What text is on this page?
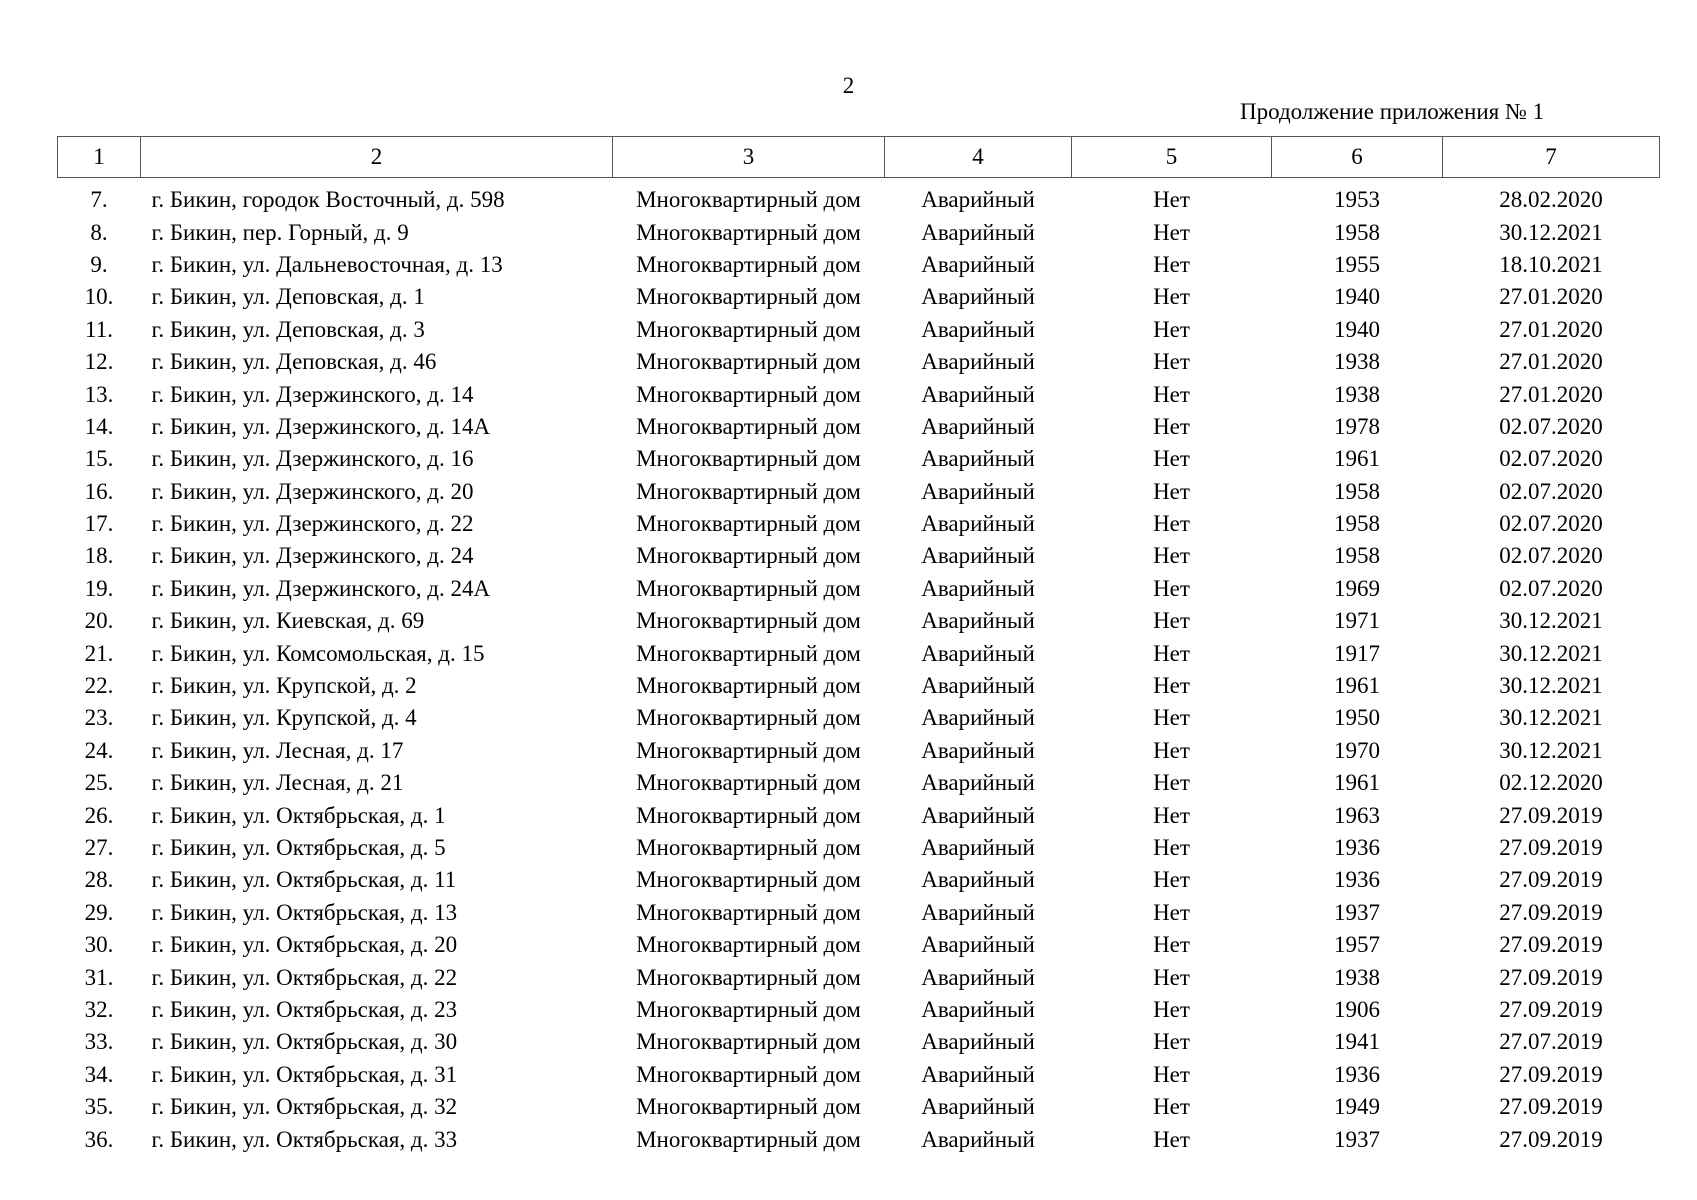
2
Продолжение приложения № 1
1	2	3	4	5	6	7
7.	г. Бикин, городок Восточный, д. 598	Многоквартирный дом	Аварийный	Нет	1953	28.02.2020
8.	г. Бикин, пер. Горный, д. 9	Многоквартирный дом	Аварийный	Нет	1958	30.12.2021
9.	г. Бикин, ул. Дальневосточная, д. 13	Многоквартирный дом	Аварийный	Нет	1955	18.10.2021
10.	г. Бикин, ул. Деповская, д. 1	Многоквартирный дом	Аварийный	Нет	1940	27.01.2020
11.	г. Бикин, ул. Деповская, д. 3	Многоквартирный дом	Аварийный	Нет	1940	27.01.2020
12.	г. Бикин, ул. Деповская, д. 46	Многоквартирный дом	Аварийный	Нет	1938	27.01.2020
13.	г. Бикин, ул. Дзержинского, д. 14	Многоквартирный дом	Аварийный	Нет	1938	27.01.2020
14.	г. Бикин, ул. Дзержинского, д. 14А	Многоквартирный дом	Аварийный	Нет	1978	02.07.2020
15.	г. Бикин, ул. Дзержинского, д. 16	Многоквартирный дом	Аварийный	Нет	1961	02.07.2020
16.	г. Бикин, ул. Дзержинского, д. 20	Многоквартирный дом	Аварийный	Нет	1958	02.07.2020
17.	г. Бикин, ул. Дзержинского, д. 22	Многоквартирный дом	Аварийный	Нет	1958	02.07.2020
18.	г. Бикин, ул. Дзержинского, д. 24	Многоквартирный дом	Аварийный	Нет	1958	02.07.2020
19.	г. Бикин, ул. Дзержинского, д. 24А	Многоквартирный дом	Аварийный	Нет	1969	02.07.2020
20.	г. Бикин, ул. Киевская, д. 69	Многоквартирный дом	Аварийный	Нет	1971	30.12.2021
21.	г. Бикин, ул. Комсомольская, д. 15	Многоквартирный дом	Аварийный	Нет	1917	30.12.2021
22.	г. Бикин, ул. Крупской, д. 2	Многоквартирный дом	Аварийный	Нет	1961	30.12.2021
23.	г. Бикин, ул. Крупской, д. 4	Многоквартирный дом	Аварийный	Нет	1950	30.12.2021
24.	г. Бикин, ул. Лесная, д. 17	Многоквартирный дом	Аварийный	Нет	1970	30.12.2021
25.	г. Бикин, ул. Лесная, д. 21	Многоквартирный дом	Аварийный	Нет	1961	02.12.2020
26.	г. Бикин, ул. Октябрьская, д. 1	Многоквартирный дом	Аварийный	Нет	1963	27.09.2019
27.	г. Бикин, ул. Октябрьская, д. 5	Многоквартирный дом	Аварийный	Нет	1936	27.09.2019
28.	г. Бикин, ул. Октябрьская, д. 11	Многоквартирный дом	Аварийный	Нет	1936	27.09.2019
29.	г. Бикин, ул. Октябрьская, д. 13	Многоквартирный дом	Аварийный	Нет	1937	27.09.2019
30.	г. Бикин, ул. Октябрьская, д. 20	Многоквартирный дом	Аварийный	Нет	1957	27.09.2019
31.	г. Бикин, ул. Октябрьская, д. 22	Многоквартирный дом	Аварийный	Нет	1938	27.09.2019
32.	г. Бикин, ул. Октябрьская, д. 23	Многоквартирный дом	Аварийный	Нет	1906	27.09.2019
33.	г. Бикин, ул. Октябрьская, д. 30	Многоквартирный дом	Аварийный	Нет	1941	27.07.2019
34.	г. Бикин, ул. Октябрьская, д. 31	Многоквартирный дом	Аварийный	Нет	1936	27.09.2019
35.	г. Бикин, ул. Октябрьская, д. 32	Многоквартирный дом	Аварийный	Нет	1949	27.09.2019
36.	г. Бикин, ул. Октябрьская, д. 33	Многоквартирный дом	Аварийный	Нет	1937	27.09.2019
